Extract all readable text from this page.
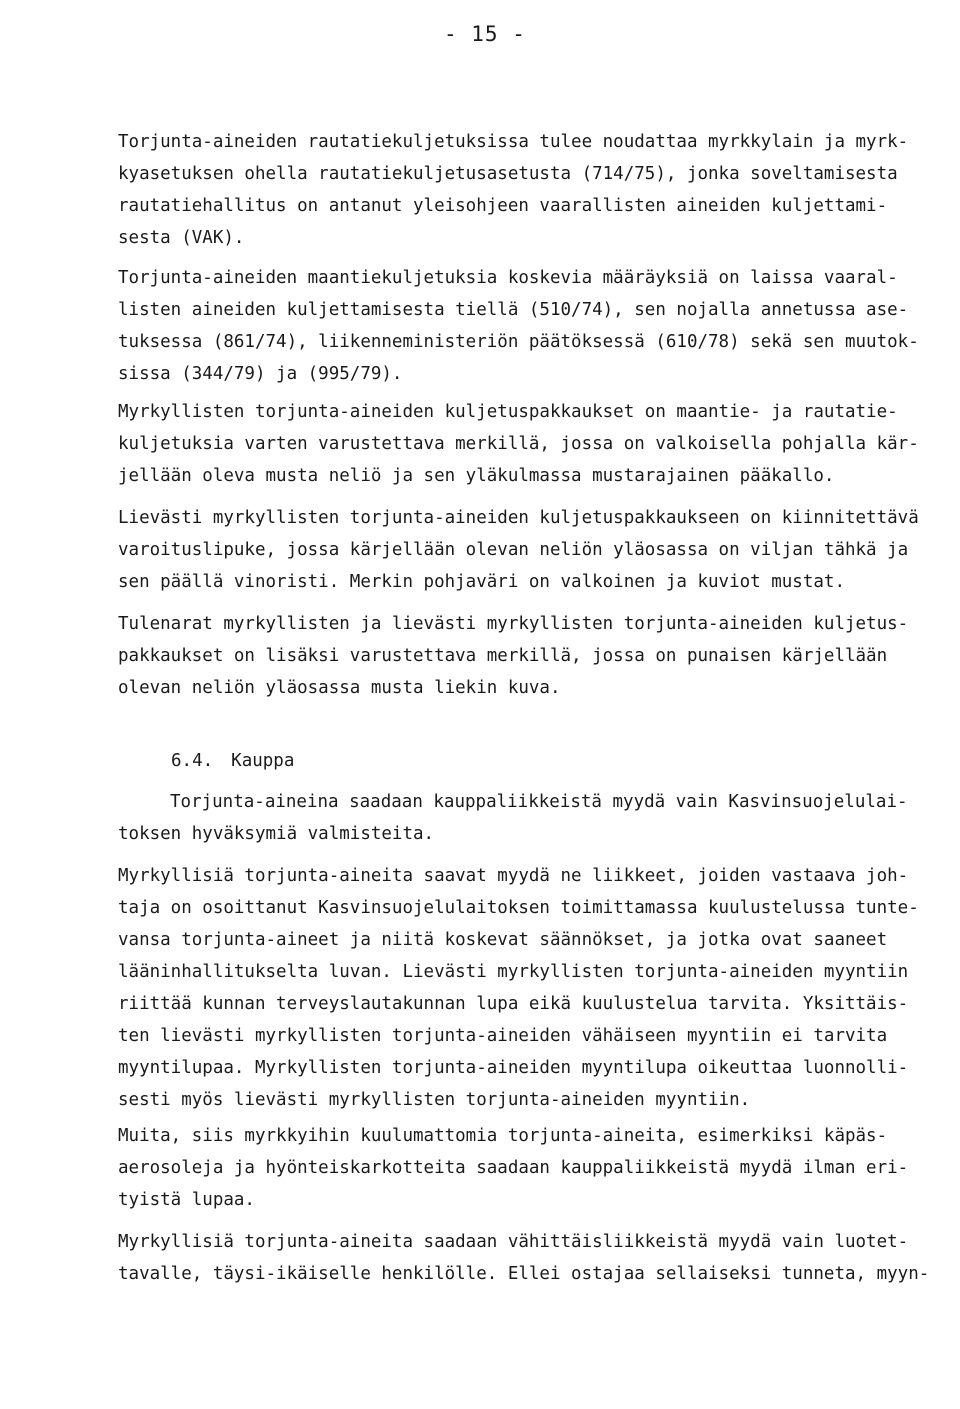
- 15 -
Torjunta-aineiden rautatiekuljetuksissa tulee noudattaa myrkkylain ja myrk-
kyasetuksen ohella rautatiekuljetusasetusta (714/75), jonka soveltamisesta
rautatiehallitus on antanut yleisohjeen vaarallisten aineiden kuljettami-
sesta (VAK).
Torjunta-aineiden maantiekuljetuksia koskevia määräyksiä on laissa vaaral-
listen aineiden kuljettamisesta tiellä (510/74), sen nojalla annetussa ase-
tuksessa (861/74), liikenneministeriön päätöksessä (610/78) sekä sen muutok-
sissa (344/79) ja (995/79).
Myrkyllisten torjunta-aineiden kuljetuspakkaukset on maantie- ja rautatie-
kuljetuksia varten varustettava merkillä, jossa on valkoisella pohjalla kär-
jellään oleva musta neliö ja sen yläkulmassa mustarajainen pääkallo.
Lievästi myrkyllisten torjunta-aineiden kuljetuspakkaukseen on kiinnitettävä
varoituslipuke, jossa kärjellään olevan neliön yläosassa on viljan tähkä ja
sen päällä vinoristi. Merkin pohjaväri on valkoinen ja kuviot mustat.
Tulenarat myrkyllisten ja lievästi myrkyllisten torjunta-aineiden kuljetus-
pakkaukset on lisäksi varustettava merkillä, jossa on punaisen kärjellään
olevan neliön yläosassa musta liekin kuva.
6.4. Kauppa
Torjunta-aineina saadaan kauppaliikkeistä myydä vain Kasvinsuojelulai-
toksen hyväksymiä valmisteita.
Myrkyllisiä torjunta-aineita saavat myydä ne liikkeet, joiden vastaava joh-
taja on osoittanut Kasvinsuojelulaitoksen toimittamassa kuulustelussa tunte-
vansa torjunta-aineet ja niitä koskevat säännökset, ja jotka ovat saaneet
lääninhallitukselta luvan. Lievästi myrkyllisten torjunta-aineiden myyntiin
riittää kunnan terveyslautakunnan lupa eikä kuulustelua tarvita. Yksittäis-
ten lievästi myrkyllisten torjunta-aineiden vähäiseen myyntiin ei tarvita
myyntilupaa. Myrkyllisten torjunta-aineiden myyntilupa oikeuttaa luonnolli-
sesti myös lievästi myrkyllisten torjunta-aineiden myyntiin.
Muita, siis myrkkyihin kuulumattomia torjunta-aineita, esimerkiksi käpäs-
aerosoleja ja hyönteiskarkotteita saadaan kauppaliikkeistä myydä ilman eri-
tyistä lupaa.
Myrkyllisiä torjunta-aineita saadaan vähittäisliikkeistä myydä vain luotet-
tavalle, täysi-ikäiselle henkilölle. Ellei ostajaa sellaiseksi tunneta, myyn-
